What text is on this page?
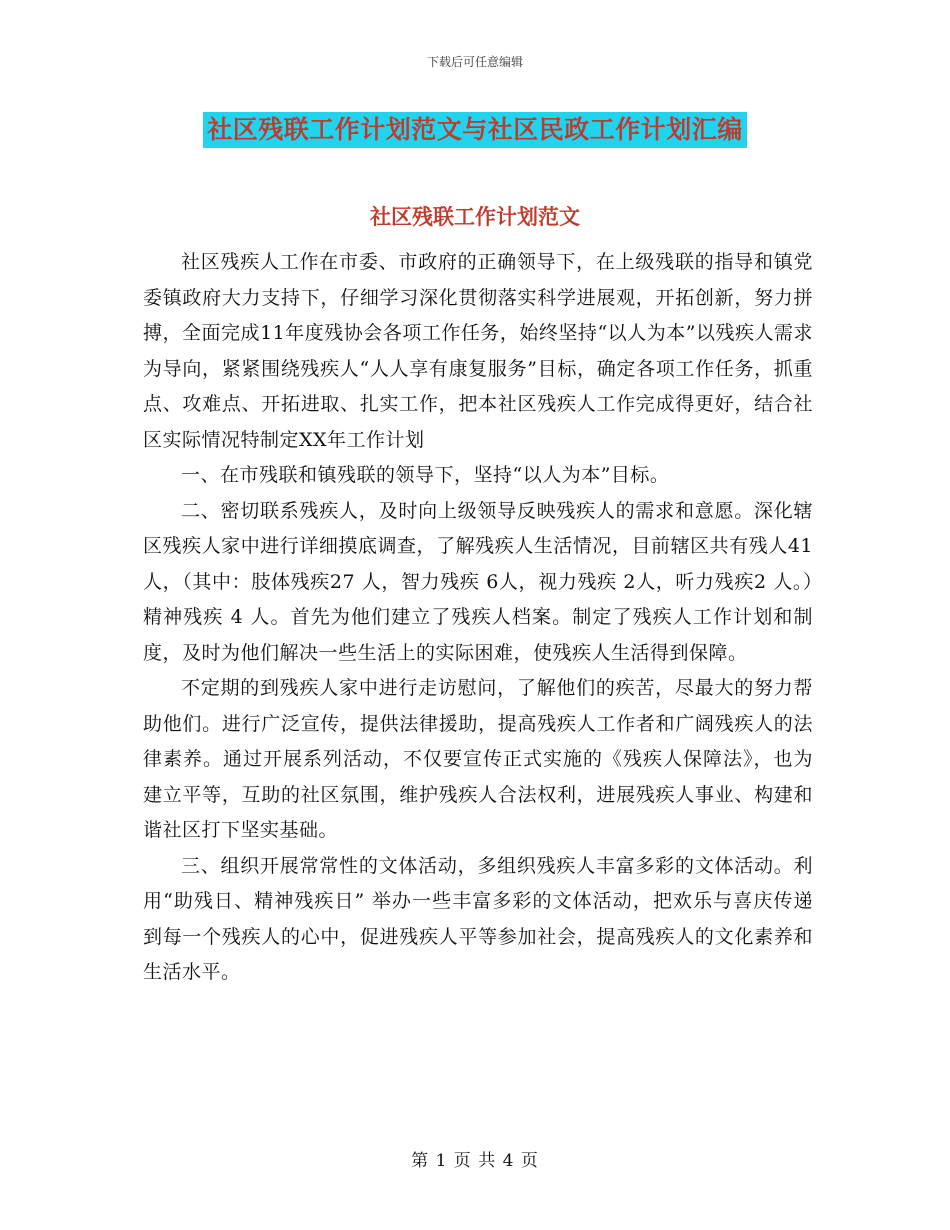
下载后可任意编辑
社区残联工作计划范文与社区民政工作计划汇编
社区残联工作计划范文

社区残疾人工作在市委、市政府的正确领导下，在上级残联的指导和镇党委镇政府大力支持下，仔细学习深化贯彻落实科学进展观，开拓创新，努力拼搏，全面完成11年度残协会各项工作任务，始终坚持“以人为本”以残疾人需求为导向，紧紧围绕残疾人“人人享有康复服务”目标，确定各项工作任务，抓重点、攻难点、开拓进取、扎实工作，把本社区残疾人工作完成得更好，结合社区实际情况特制定XX年工作计划

一、在市残联和镇残联的领导下，坚持“以人为本”目标。

二、密切联系残疾人，及时向上级领导反映残疾人的需求和意愿。深化辖区残疾人家中进行详细摸底调查，了解残疾人生活情况，目前辖区共有残人41人，（其中：肢体残疾27 人，智力残疾 6人，视力残疾 2人，听力残疾2 人。）精神残疾 4 人。首先为他们建立了残疾人档案。制定了残疾人工作计划和制度，及时为他们解决一些生活上的实际困难，使残疾人生活得到保障。

不定期的到残疾人家中进行走访慰问，了解他们的疾苦，尽最大的努力帮助他们。进行广泛宣传，提供法律援助，提高残疾人工作者和广阔残疾人的法律素养。通过开展系列活动，不仅要宣传正式实施的《残疾人保障法》，也为建立平等，互助的社区氛围，维护残疾人合法权利，进展残疾人事业、构建和谐社区打下坚实基础。

三、组织开展常常性的文体活动，多组织残疾人丰富多彩的文体活动。利用“助残日、精神残疾日” 举办一些丰富多彩的文体活动，把欢乐与喜庆传递到每一个残疾人的心中，促进残疾人平等参加社会，提高残疾人的文化素养和生活水平。

第 1 页 共 4 页
